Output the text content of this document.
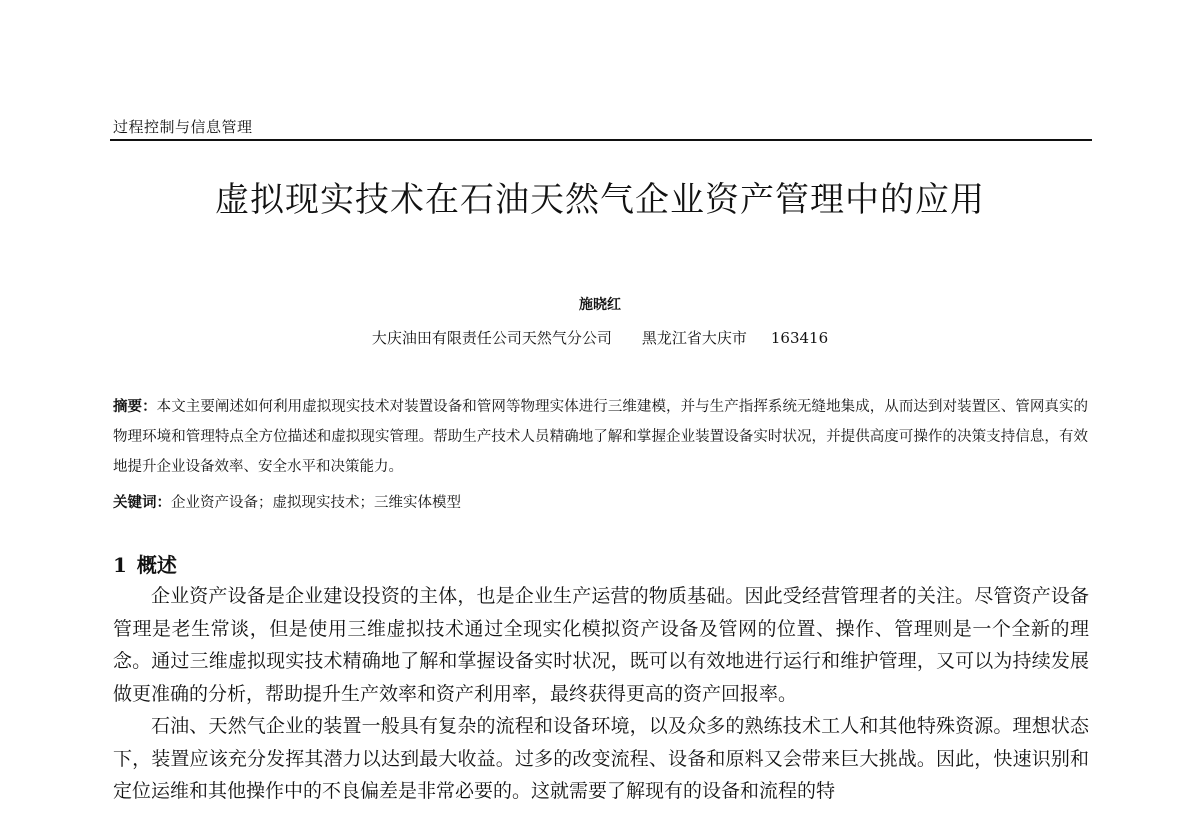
过程控制与信息管理
虚拟现实技术在石油天然气企业资产管理中的应用
施晓红
大庆油田有限责任公司天然气分公司 黑龙江省大庆市 163416
摘要：本文主要阐述如何利用虚拟现实技术对装置设备和管网等物理实体进行三维建模，并与生产指挥系统无缝地集成，从而达到对装置区、管网真实的物理环境和管理特点全方位描述和虚拟现实管理。帮助生产技术人员精确地了解和掌握企业装置设备实时状况，并提供高度可操作的决策支持信息，有效地提升企业设备效率、安全水平和决策能力。
关键词：企业资产设备；虚拟现实技术；三维实体模型
1 概述

企业资产设备是企业建设投资的主体，也是企业生产运营的物质基础。因此受经营管理者的关注。尽管资产设备管理是老生常谈，但是使用三维虚拟技术通过全现实化模拟资产设备及管网的位置、操作、管理则是一个全新的理念。通过三维虚拟现实技术精确地了解和掌握设备实时状况，既可以有效地进行运行和维护管理，又可以为持续发展做更准确的分析，帮助提升生产效率和资产利用率，最终获得更高的资产回报率。

石油、天然气企业的装置一般具有复杂的流程和设备环境，以及众多的熟练技术工人和其他特殊资源。理想状态下，装置应该充分发挥其潜力以达到最大收益。过多的改变流程、设备和原料又会带来巨大挑战。因此，快速识别和定位运维和其他操作中的不良偏差是非常必要的。这就需要了解现有的设备和流程的特
